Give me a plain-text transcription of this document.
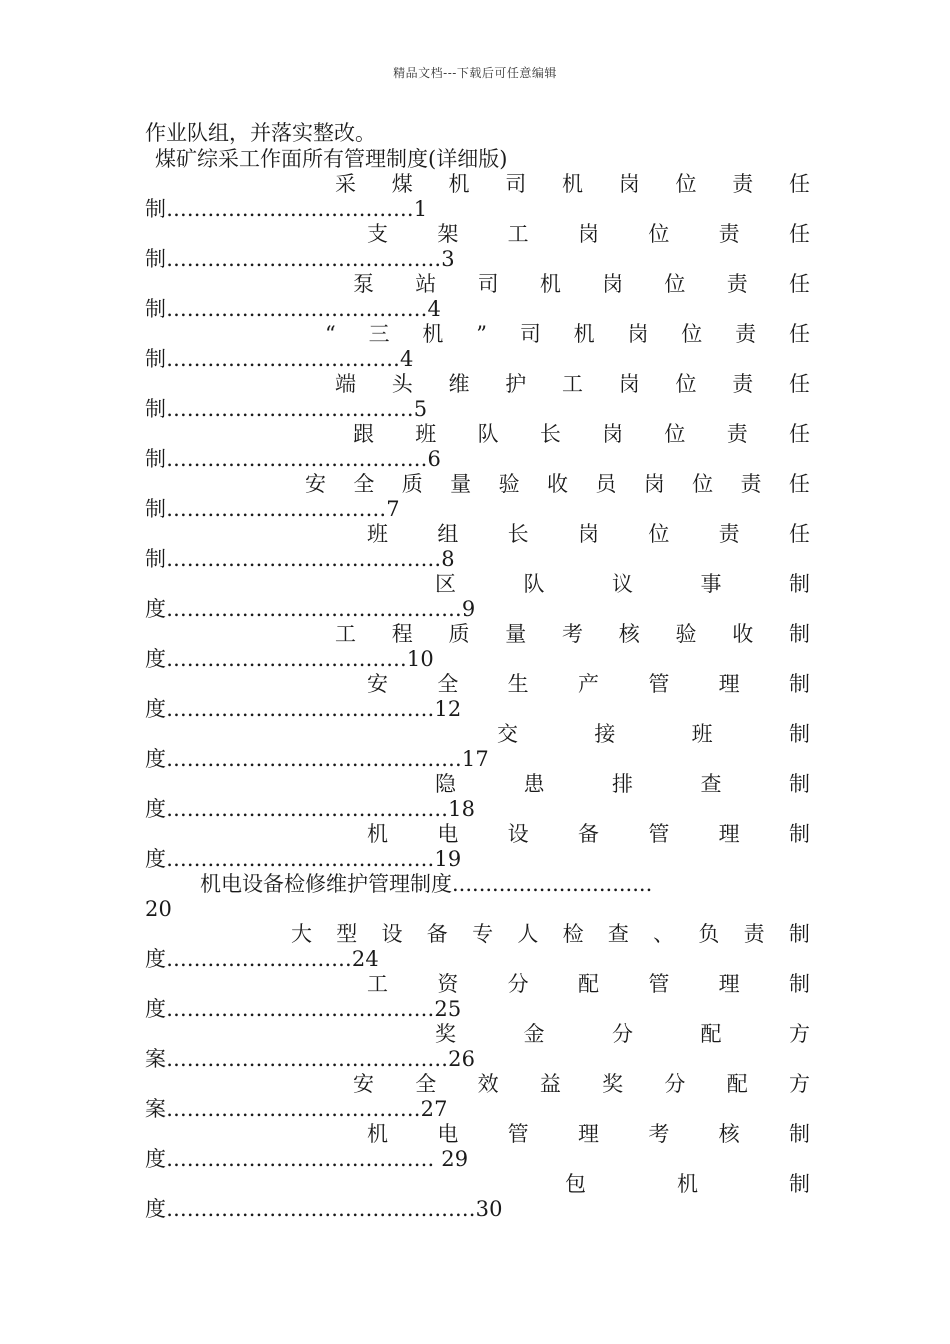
精品文档---下载后可任意编辑
作业队组，并落实整改。
煤矿综采工作面所有管理制度(详细版)
采 煤 机 司 机 岗 位 责 任
制....................................1
支 架 工 岗 位 责 任
制........................................3
泵 站 司 机 岗 位 责 任
制......................................4
“ 三 机 ” 司 机 岗 位 责 任
制..................................4
端 头 维 护 工 岗 位 责 任
制....................................5
跟 班 队 长 岗 位 责 任
制......................................6
安 全 质 量 验 收 员 岗 位 责 任
制................................7
班 组 长 岗 位 责 任
制........................................8
区	队	议	事	制
度...........................................9
工 程 质 量 考 核 验 收 制
度...................................10
安 全 生 产 管 理 制
度.......................................12
交	接	班	制
度...........................................17
隐	患	排	查	制
度.........................................18
机 电 设 备 管 理 制
度.......................................19
机电设备检修维护管理制度..............................
20
大 型 设 备 专 人 检 查 、 负 责 制
度...........................24
工 资 分 配 管 理 制
度.......................................25
奖	金	分	配	方
案.........................................26
安 全 效 益 奖 分 配 方
案.....................................27
机 电 管 理 考 核 制
度....................................... 29
包	机	制
度.............................................30
